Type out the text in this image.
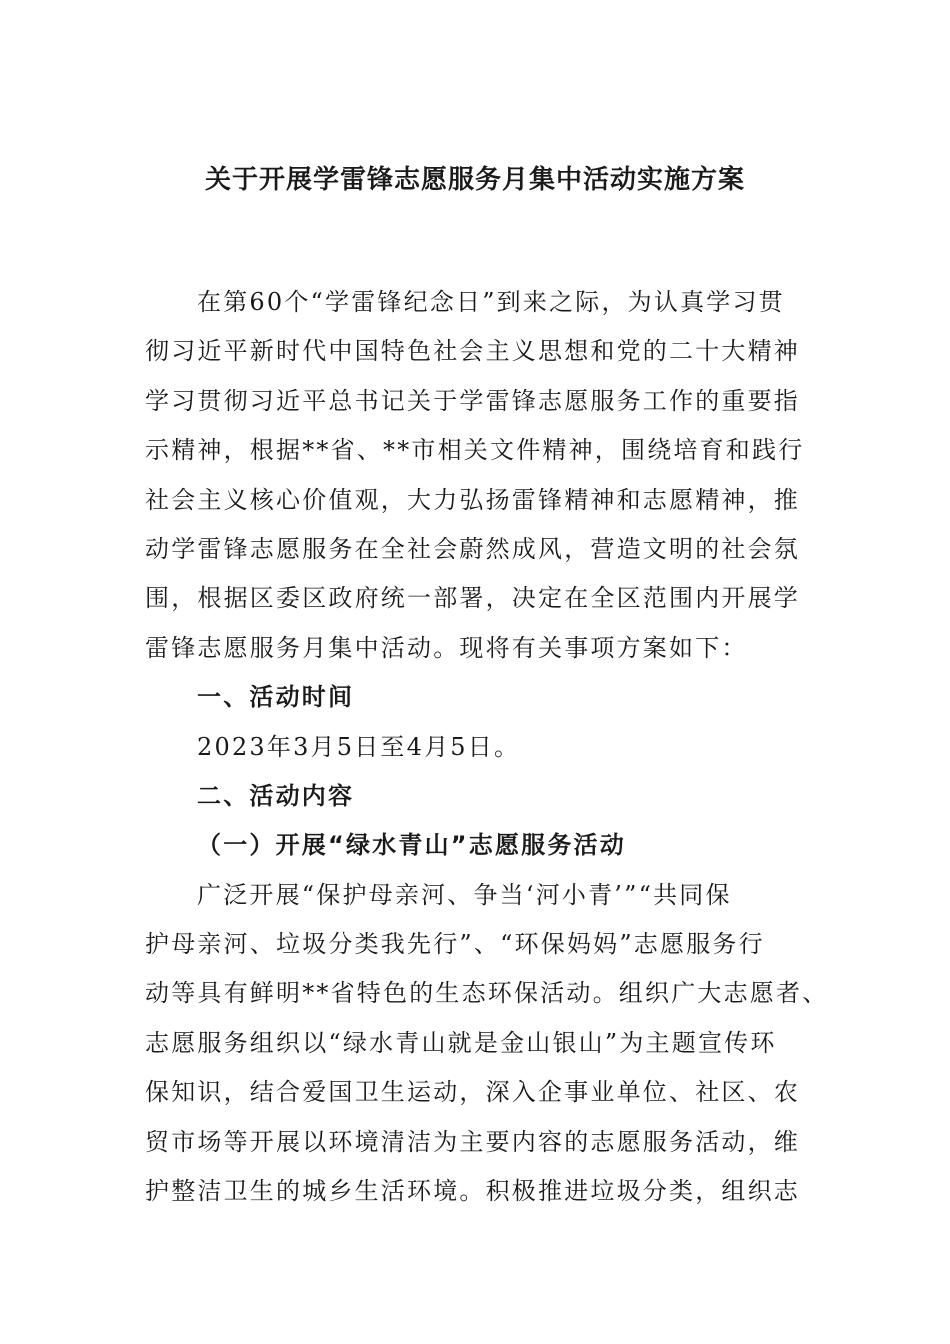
关于开展学雷锋志愿服务月集中活动实施方案
在第60个“学雷锋纪念日”到来之际，为认真学习贯
彻习近平新时代中国特色社会主义思想和党的二十大精神
学习贯彻习近平总书记关于学雷锋志愿服务工作的重要指
示精神，根据**省、**市相关文件精神，围绕培育和践行
社会主义核心价值观，大力弘扬雷锋精神和志愿精神，推
动学雷锋志愿服务在全社会蔚然成风，营造文明的社会氛
围，根据区委区政府统一部署，决定在全区范围内开展学
雷锋志愿服务月集中活动。现将有关事项方案如下：
一、活动时间
2023年3月5日至4月5日。
二、活动内容
（一）开展“绿水青山”志愿服务活动
广泛开展“保护母亲河、争当‘河小青’”“共同保
护母亲河、垃圾分类我先行”、“环保妈妈”志愿服务行
动等具有鲜明**省特色的生态环保活动。组织广大志愿者、
志愿服务组织以“绿水青山就是金山银山”为主题宣传环
保知识，结合爱国卫生运动，深入企事业单位、社区、农
贸市场等开展以环境清洁为主要内容的志愿服务活动，维
护整洁卫生的城乡生活环境。积极推进垃圾分类，组织志
